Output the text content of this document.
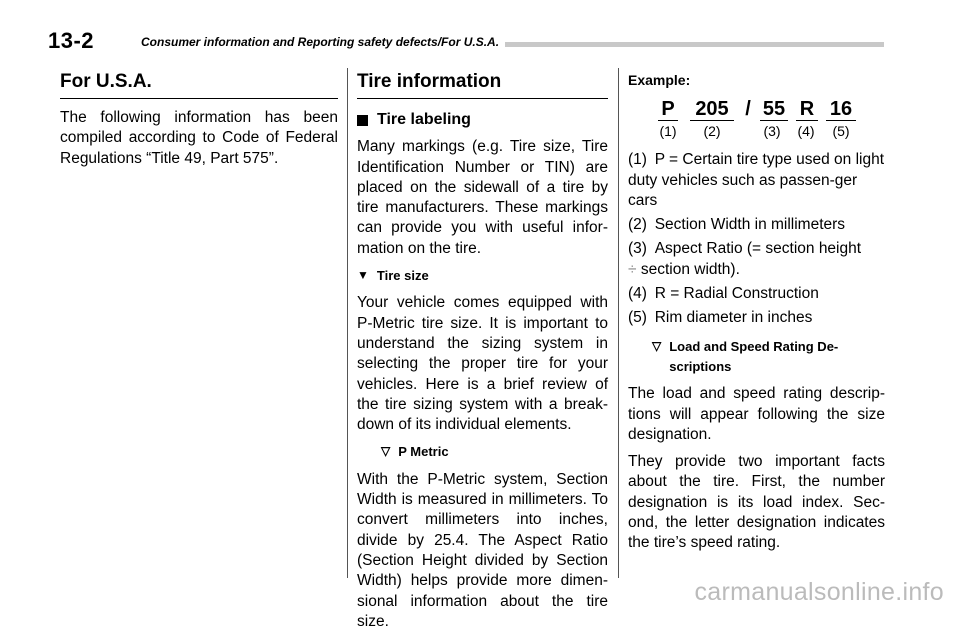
13-2	Consumer information and Reporting safety defects/For U.S.A.
For U.S.A.

The following information has been compiled according to Code of Federal Regulations “Title 49, Part 575”.

Tire information
Tire labeling

Many markings (e.g. Tire size, Tire Identification Number or TIN) are placed on the sidewall of a tire by tire manufacturers. These markings can provide you with useful infor-mation on the tire.

▼ Tire size

Your vehicle comes equipped with P-Metric tire size. It is important to understand the sizing system in selecting the proper tire for your vehicles. Here is a brief review of the tire sizing system with a break-down of its individual elements.

▽ P Metric

With the P-Metric system, Section Width is measured in millimeters. To convert millimeters into inches, divide by 25.4. The Aspect Ratio (Section Height divided by Section Width) helps provide more dimen-sional information about the tire size.

Example:
P 205 / 55 R 16
(1) (2)	(3) (4) (5)

(1) P = Certain tire type used on light duty vehicles such as passen-ger cars

(2) Section Width in millimeters

(3) Aspect Ratio (= section height
÷ section width).

(4) R = Radial Construction

(5) Rim diameter in inches

▽ Load and Speed Rating De-scriptions

The load and speed rating descrip-tions will appear following the size designation.

They provide two important facts about the tire. First, the number designation is its load index. Sec-ond, the letter designation indicates the tire’s speed rating.

carmanualsonline.info
